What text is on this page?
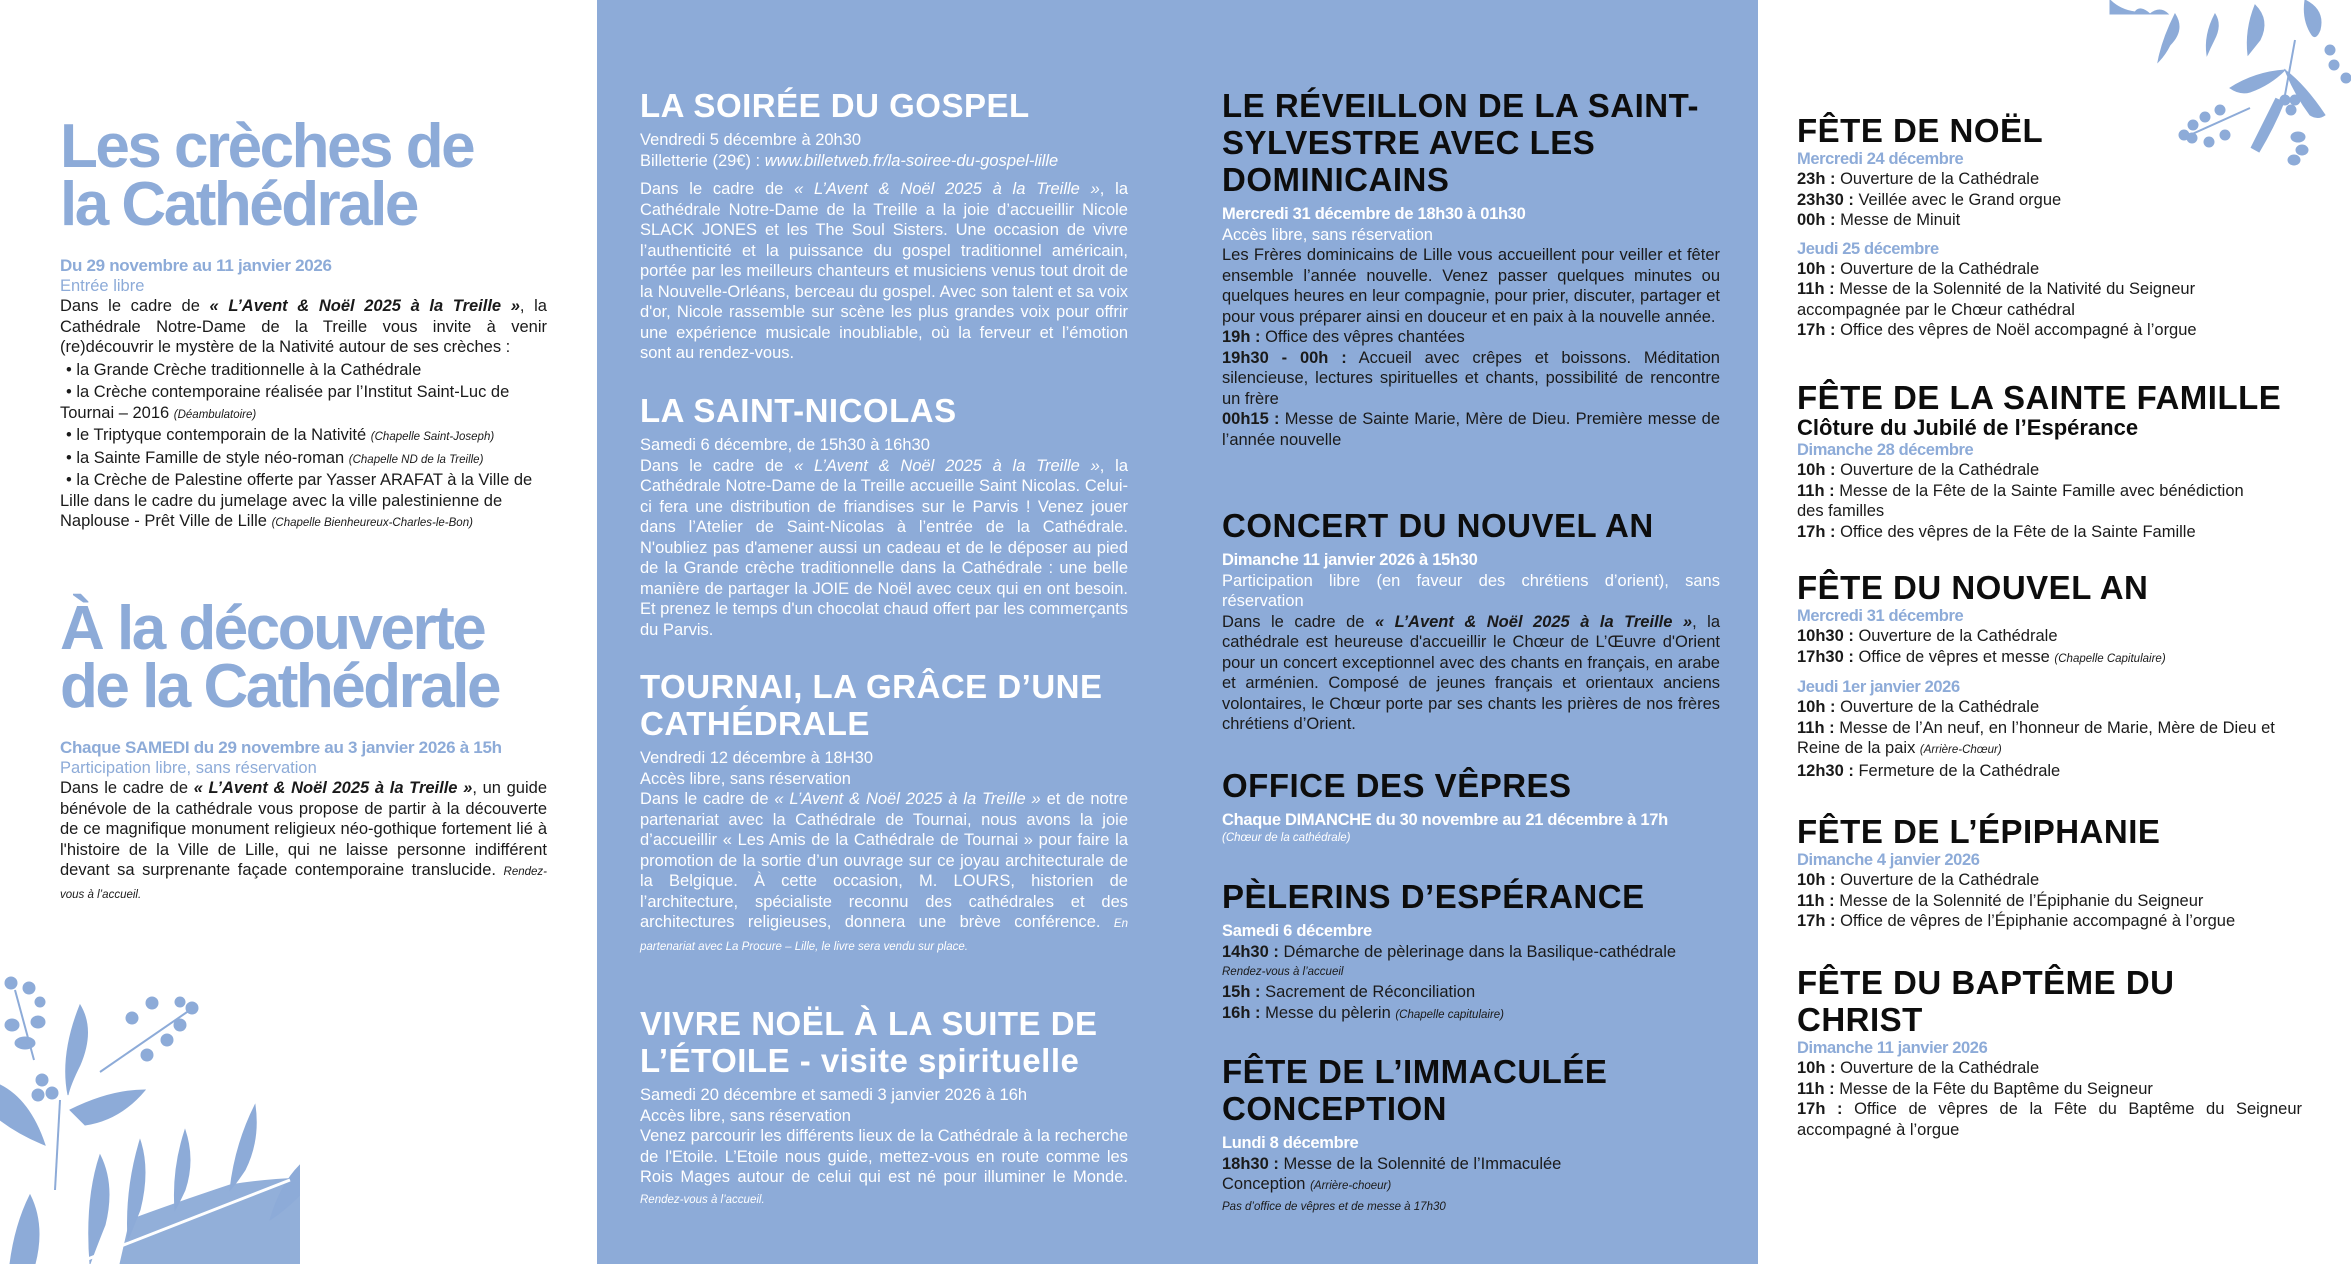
Les crèches de
la Cathédrale
Du 29 novembre au 11 janvier 2026
Entrée libre
Dans le cadre de « L’Avent & Noël 2025 à la Treille », la Cathédrale Notre-Dame de la Treille vous invite à venir (re)découvrir le mystère de la Nativité autour de ses crèches :
• la Grande Crèche traditionnelle à la Cathédrale
• la Crèche contemporaine réalisée par l’Institut Saint-Luc de Tournai – 2016 (Déambulatoire)
• le Triptyque contemporain de la Nativité (Chapelle Saint-Joseph)
• la Sainte Famille de style néo-roman (Chapelle ND de la Treille)
• la Crèche de Palestine offerte par Yasser ARAFAT à la Ville de Lille dans le cadre du jumelage avec la ville palestinienne de Naplouse - Prêt Ville de Lille (Chapelle Bienheureux-Charles-le-Bon)
À la découverte
de la Cathédrale
Chaque SAMEDI du 29 novembre au 3 janvier 2026 à 15h
Participation libre, sans réservation
Dans le cadre de « L’Avent & Noël 2025 à la Treille », un guide bénévole de la cathédrale vous propose de partir à la découverte de ce magnifique monument religieux néo-gothique fortement lié à l'histoire de la Ville de Lille, qui ne laisse personne indifférent devant sa surprenante façade contemporaine translucide. Rendez-vous à l’accueil.
LA SOIRÉE DU GOSPEL
Vendredi 5 décembre à 20h30
Billetterie (29€) : www.billetweb.fr/la-soiree-du-gospel-lille
Dans le cadre de « L’Avent & Noël 2025 à la Treille », la Cathédrale Notre-Dame de la Treille a la joie d’accueillir Nicole SLACK JONES et les The Soul Sisters. Une occasion de vivre l’authenticité et la puissance du gospel traditionnel américain, portée par les meilleurs chanteurs et musiciens venus tout droit de la Nouvelle-Orléans, berceau du gospel. Avec son talent et sa voix d'or, Nicole rassemble sur scène les plus grandes voix pour offrir une expérience musicale inoubliable, où la ferveur et l’émotion sont au rendez-vous.
LA SAINT-NICOLAS
Samedi 6 décembre, de 15h30 à 16h30
Dans le cadre de « L’Avent & Noël 2025 à la Treille », la Cathédrale Notre-Dame de la Treille accueille Saint Nicolas. Celui-ci fera une distribution de friandises sur le Parvis ! Venez jouer dans l’Atelier de Saint-Nicolas à l’entrée de la Cathédrale. N'oubliez pas d'amener aussi un cadeau et de le déposer au pied de la Grande crèche traditionnelle dans la Cathédrale : une belle manière de partager la JOIE de Noël avec ceux qui en ont besoin. Et prenez le temps d'un chocolat chaud offert par les commerçants du Parvis.
TOURNAI, LA GRÂCE D’UNE CATHÉDRALE
Vendredi 12 décembre à 18H30
Accès libre, sans réservation
Dans le cadre de « L’Avent & Noël 2025 à la Treille » et de notre partenariat avec la Cathédrale de Tournai, nous avons la joie d’accueillir « Les Amis de la Cathédrale de Tournai » pour faire la promotion de la sortie d’un ouvrage sur ce joyau architecturale de la Belgique. À cette occasion, M. LOURS, historien de l’architecture, spécialiste reconnu des cathédrales et des architectures religieuses, donnera une brève conférence. En partenariat avec La Procure – Lille, le livre sera vendu sur place.
VIVRE NOËL À LA SUITE DE L’ÉTOILE - visite spirituelle
Samedi 20 décembre et samedi 3 janvier 2026 à 16h
Accès libre, sans réservation
Venez parcourir les différents lieux de la Cathédrale à la recherche de l'Etoile. L’Etoile nous guide, mettez-vous en route comme les Rois Mages autour de celui qui est né pour illuminer le Monde. Rendez-vous à l’accueil.
LE RÉVEILLON DE LA SAINT-SYLVESTRE AVEC LES DOMINICAINS
Mercredi 31 décembre de 18h30 à 01h30
Accès libre, sans réservation
Les Frères dominicains de Lille vous accueillent pour veiller et fêter ensemble l’année nouvelle. Venez passer quelques minutes ou quelques heures en leur compagnie, pour prier, discuter, partager et pour vous préparer ainsi en douceur et en paix à la nouvelle année.
19h : Office des vêpres chantées
19h30 - 00h : Accueil avec crêpes et boissons. Méditation silencieuse, lectures spirituelles et chants, possibilité de rencontre un frère
00h15 : Messe de Sainte Marie, Mère de Dieu. Première messe de l’année nouvelle
CONCERT DU NOUVEL AN
Dimanche 11 janvier 2026 à 15h30
Participation libre (en faveur des chrétiens d’orient), sans réservation
Dans le cadre de « L’Avent & Noël 2025 à la Treille », la cathédrale est heureuse d'accueillir le Chœur de L’Œuvre d'Orient pour un concert exceptionnel avec des chants en français, en arabe et arménien. Composé de jeunes français et orientaux anciens volontaires, le Chœur porte par ses chants les prières de nos frères chrétiens d’Orient.
OFFICE DES VÊPRES
Chaque DIMANCHE du 30 novembre au 21 décembre à 17h
(Chœur de la cathédrale)
PÈLERINS D’ESPÉRANCE
Samedi 6 décembre
14h30 : Démarche de pèlerinage dans la Basilique-cathédrale
Rendez-vous à l’accueil
15h : Sacrement de Réconciliation
16h : Messe du pèlerin (Chapelle capitulaire)
FÊTE DE L’IMMACULÉE CONCEPTION
Lundi 8 décembre
18h30 : Messe de la Solennité de l’Immaculée Conception (Arrière-choeur)
Pas d’office de vêpres et de messe à 17h30
FÊTE DE NOËL
Mercredi 24 décembre
23h : Ouverture de la Cathédrale
23h30 : Veillée avec le Grand orgue
00h : Messe de Minuit
Jeudi 25 décembre
10h : Ouverture de la Cathédrale
11h : Messe de la Solennité de la Nativité du Seigneur accompagnée par le Chœur cathédral
17h : Office des vêpres de Noël accompagné à l’orgue
FÊTE DE LA SAINTE FAMILLE
Clôture du Jubilé de l’Espérance
Dimanche 28 décembre
10h : Ouverture de la Cathédrale
11h : Messe de la Fête de la Sainte Famille avec bénédiction des familles
17h : Office des vêpres de la Fête de la Sainte Famille
FÊTE DU NOUVEL AN
Mercredi 31 décembre
10h30 : Ouverture de la Cathédrale
17h30 : Office de vêpres et messe (Chapelle Capitulaire)
Jeudi 1er janvier 2026
10h : Ouverture de la Cathédrale
11h : Messe de l’An neuf, en l’honneur de Marie, Mère de Dieu et Reine de la paix (Arrière-Chœur)
12h30 : Fermeture de la Cathédrale
FÊTE DE L’ÉPIPHANIE
Dimanche 4 janvier 2026
10h : Ouverture de la Cathédrale
11h : Messe de la Solennité de l’Épiphanie du Seigneur
17h : Office de vêpres de l’Épiphanie accompagné à l’orgue
FÊTE DU BAPTÊME DU CHRIST
Dimanche 11 janvier 2026
10h : Ouverture de la Cathédrale
11h : Messe de la Fête du Baptême du Seigneur
17h : Office de vêpres de la Fête du Baptême du Seigneur accompagné à l’orgue
